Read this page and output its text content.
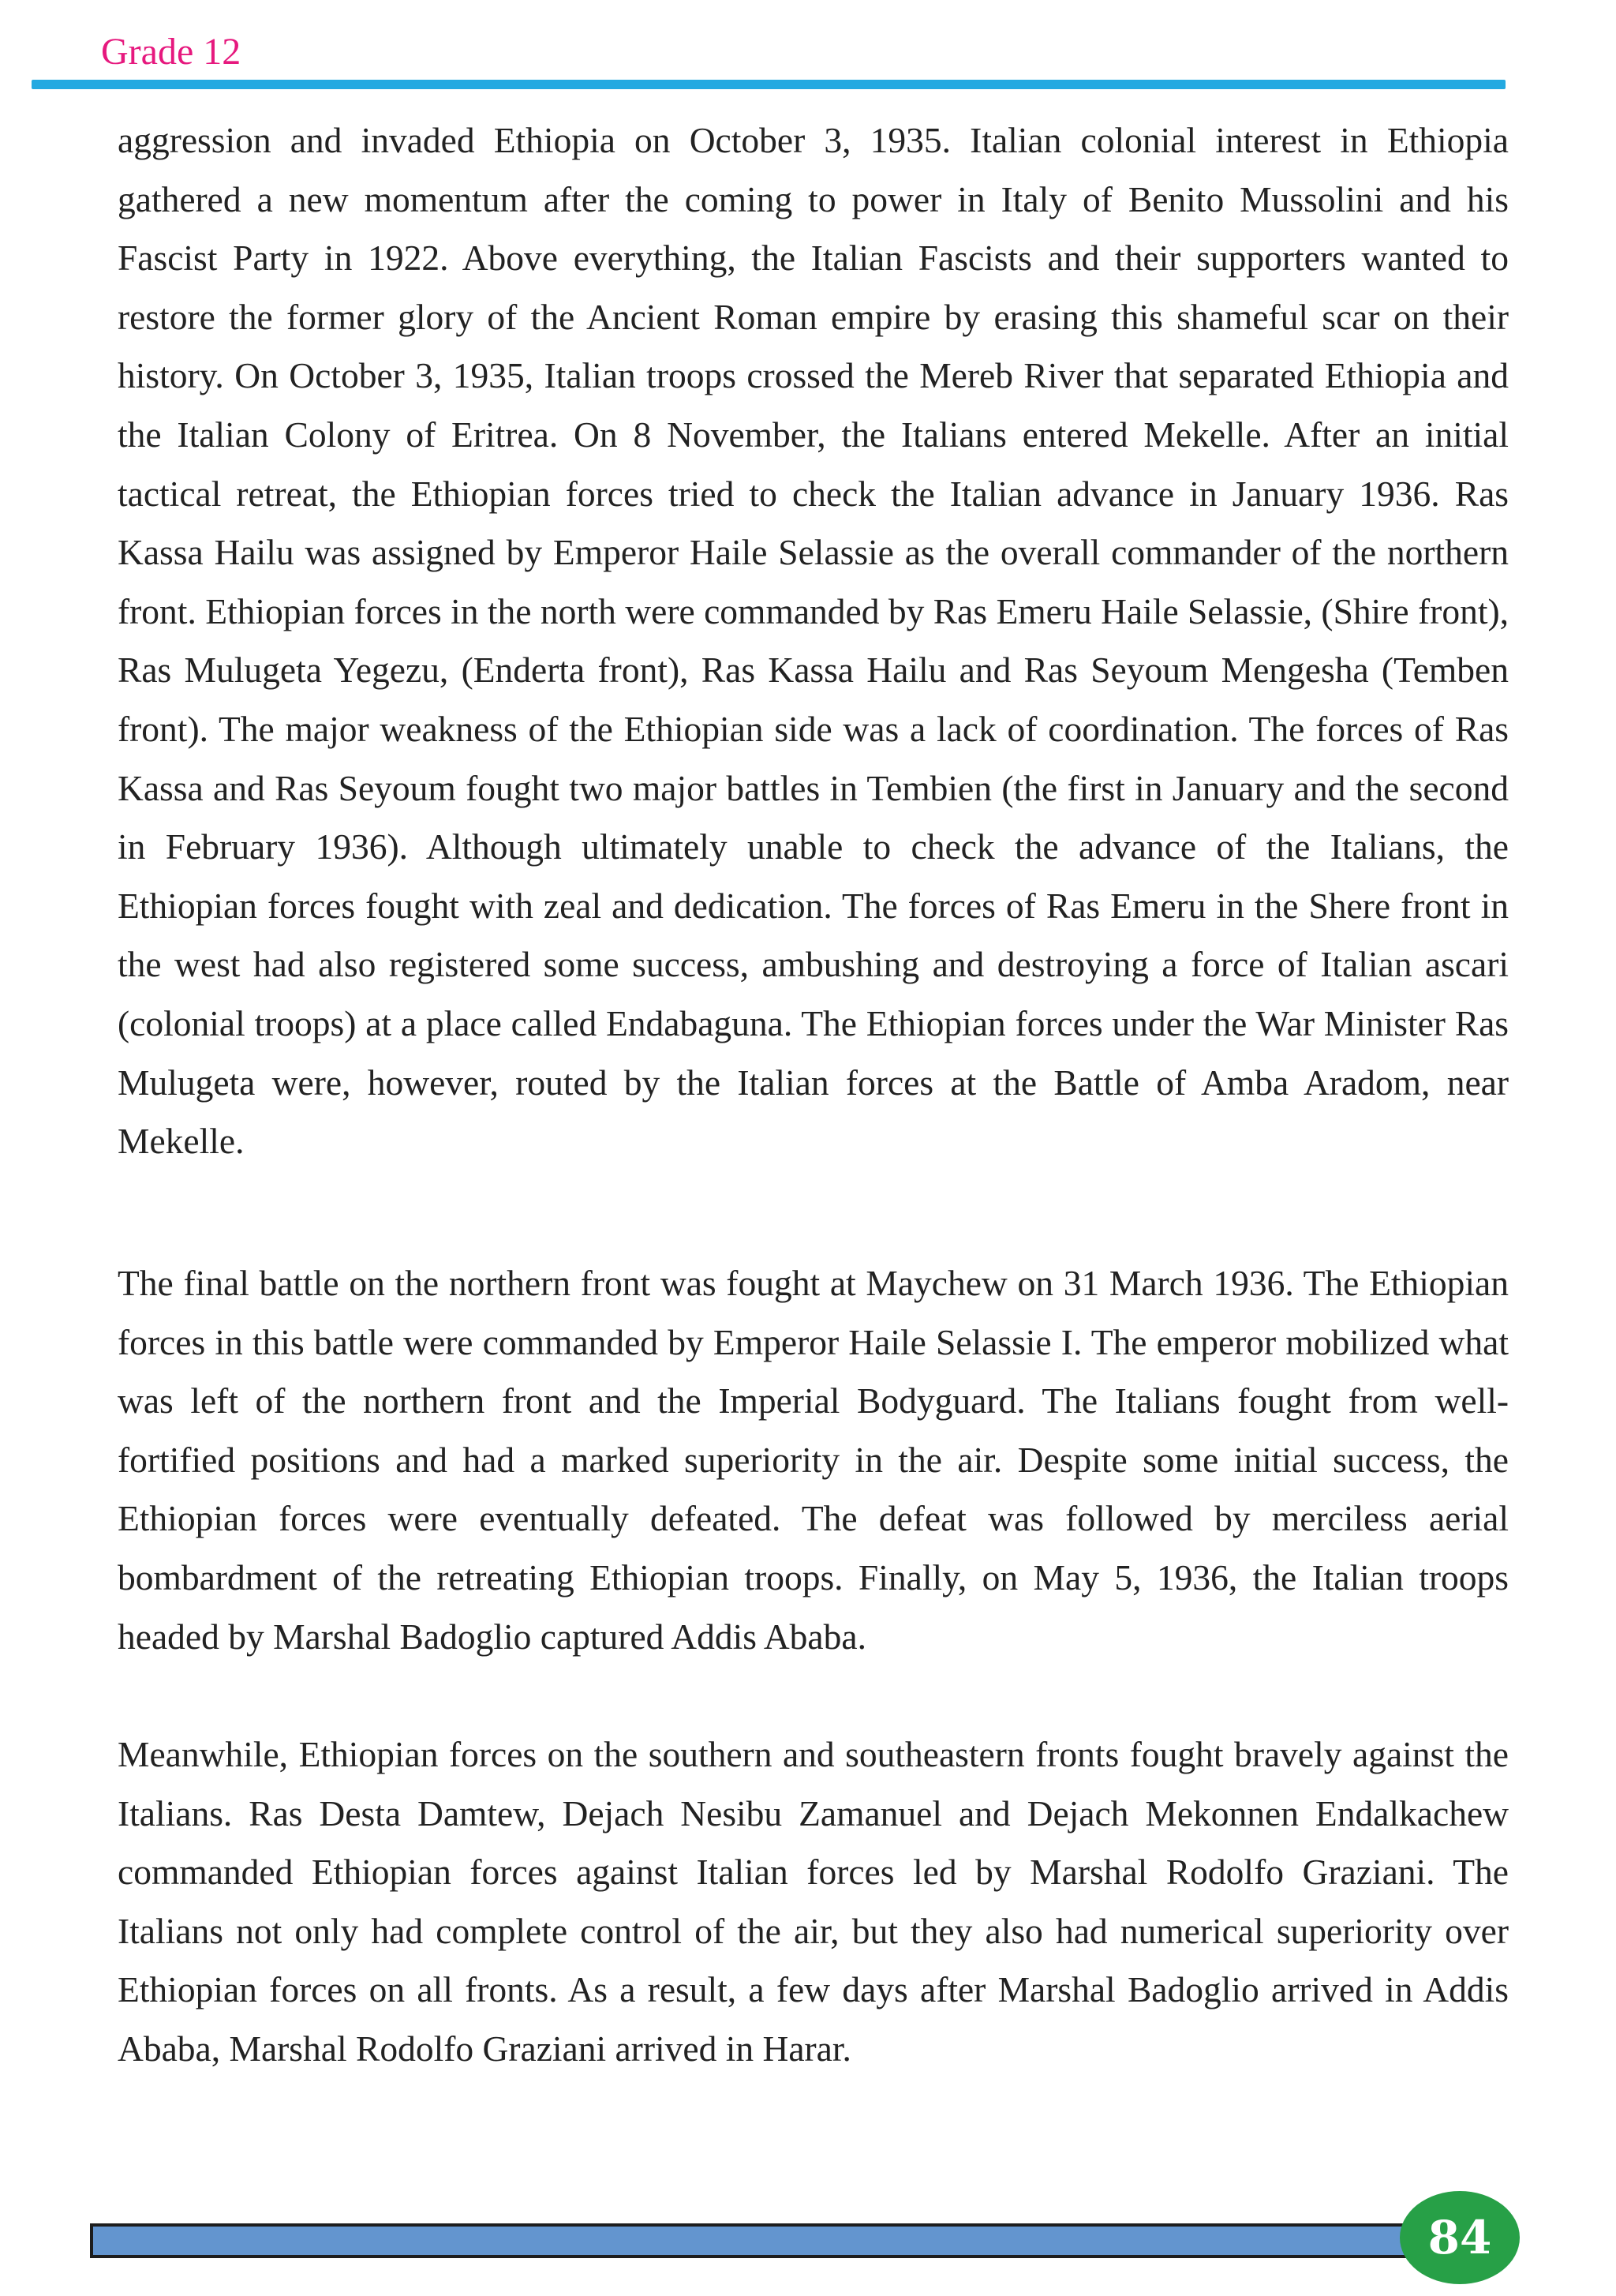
Grade 12

aggression and invaded Ethiopia on October 3, 1935. Italian colonial interest in Ethiopia gathered a new momentum after the coming to power in Italy of Benito Mussolini and his Fascist Party in 1922. Above everything, the Italian Fascists and their supporters wanted to restore the former glory of the Ancient Roman empire by erasing this shameful scar on their history. On October 3, 1935, Italian troops crossed the Mereb River that separated Ethiopia and the Italian Colony of Eritrea. On 8 November, the Italians entered Mekelle. After an initial tactical retreat, the Ethiopian forces tried to check the Italian advance in January 1936. Ras Kassa Hailu was assigned by Emperor Haile Selassie as the overall commander of the northern front. Ethiopian forces in the north were commanded by Ras Emeru Haile Selassie, (Shire front), Ras Mulugeta Yegezu, (Enderta front), Ras Kassa Hailu and Ras Seyoum Mengesha (Temben front). The major weakness of the Ethiopian side was a lack of coordination. The forces of Ras Kassa and Ras Seyoum fought two major battles in Tembien (the first in January and the second in February 1936). Although ultimately unable to check the advance of the Italians, the Ethiopian forces fought with zeal and dedication. The forces of Ras Emeru in the Shere front in the west had also registered some success, ambushing and destroying a force of Italian ascari (colonial troops) at a place called Endabaguna. The Ethiopian forces under the War Minister Ras Mulugeta were, however, routed by the Italian forces at the Battle of Amba Aradom, near Mekelle.

The final battle on the northern front was fought at Maychew on 31 March 1936. The Ethiopian forces in this battle were commanded by Emperor Haile Selassie I. The emperor mobilized what was left of the northern front and the Imperial Bodyguard. The Italians fought from well-fortified positions and had a marked superiority in the air. Despite some initial success, the Ethiopian forces were eventually defeated. The defeat was followed by merciless aerial bombardment of the retreating Ethiopian troops. Finally, on May 5, 1936, the Italian troops headed by Marshal Badoglio captured Addis Ababa.

Meanwhile, Ethiopian forces on the southern and southeastern fronts fought bravely against the Italians. Ras Desta Damtew, Dejach Nesibu Zamanuel and Dejach Mekonnen Endalkachew commanded Ethiopian forces against Italian forces led by Marshal Rodolfo Graziani. The Italians not only had complete control of the air, but they also had numerical superiority over Ethiopian forces on all fronts. As a result, a few days after Marshal Badoglio arrived in Addis Ababa, Marshal Rodolfo Graziani arrived in Harar.

84
